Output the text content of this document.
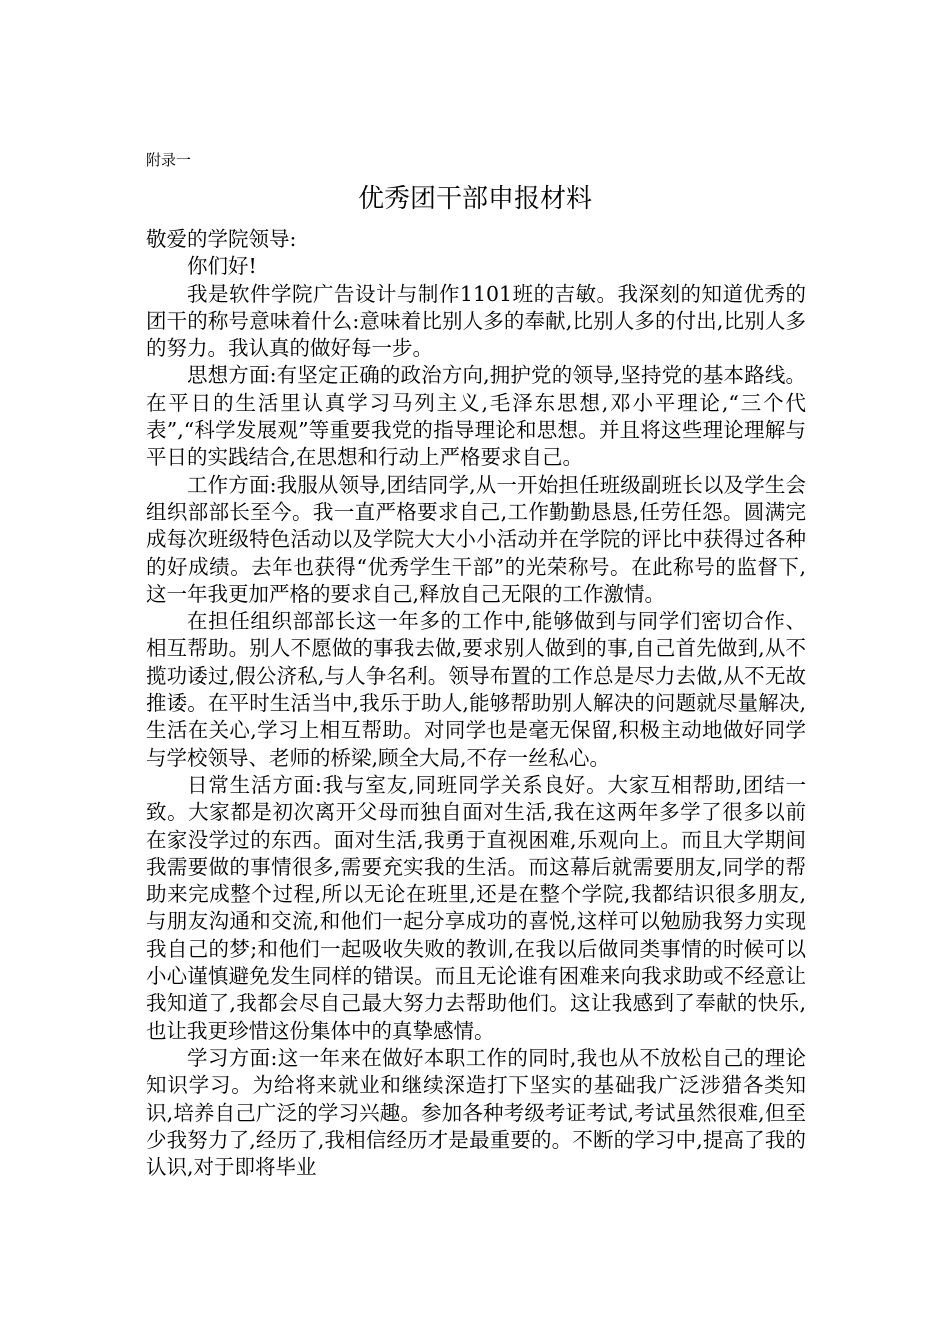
附录一
优秀团干部申报材料

敬爱的学院领导:

你们好!

我是软件学院广告设计与制作1101班的吉敏。我深刻的知道优秀的团干的称号意味着什么:意味着比别人多的奉献,比别人多的付出,比别人多的努力。我认真的做好每一步。

思想方面:有坚定正确的政治方向,拥护党的领导,坚持党的基本路线。在平日的生活里认真学习马列主义,毛泽东思想,邓小平理论,“三个代表”,“科学发展观”等重要我党的指导理论和思想。并且将这些理论理解与平日的实践结合,在思想和行动上严格要求自己。

工作方面:我服从领导,团结同学,从一开始担任班级副班长以及学生会组织部部长至今。我一直严格要求自己,工作勤勤恳恳,任劳任怨。圆满完成每次班级特色活动以及学院大大小小活动并在学院的评比中获得过各种的好成绩。去年也获得“优秀学生干部”的光荣称号。在此称号的监督下,这一年我更加严格的要求自己,释放自己无限的工作激情。

在担任组织部部长这一年多的工作中,能够做到与同学们密切合作、相互帮助。别人不愿做的事我去做,要求别人做到的事,自己首先做到,从不揽功诿过,假公济私,与人争名利。领导布置的工作总是尽力去做,从不无故推诿。在平时生活当中,我乐于助人,能够帮助别人解决的问题就尽量解决,生活在关心,学习上相互帮助。对同学也是毫无保留,积极主动地做好同学与学校领导、老师的桥梁,顾全大局,不存一丝私心。

日常生活方面:我与室友,同班同学关系良好。大家互相帮助,团结一致。大家都是初次离开父母而独自面对生活,我在这两年多学了很多以前在家没学过的东西。面对生活,我勇于直视困难,乐观向上。而且大学期间我需要做的事情很多,需要充实我的生活。而这幕后就需要朋友,同学的帮助来完成整个过程,所以无论在班里,还是在整个学院,我都结识很多朋友,与朋友沟通和交流,和他们一起分享成功的喜悦,这样可以勉励我努力实现我自己的梦;和他们一起吸收失败的教训,在我以后做同类事情的时候可以小心谨慎避免发生同样的错误。而且无论谁有困难来向我求助或不经意让我知道了,我都会尽自己最大努力去帮助他们。这让我感到了奉献的快乐,也让我更珍惜这份集体中的真挚感情。

学习方面:这一年来在做好本职工作的同时,我也从不放松自己的理论知识学习。为给将来就业和继续深造打下坚实的基础我广泛涉猎各类知识,培养自己广泛的学习兴趣。参加各种考级考证考试,考试虽然很难,但至少我努力了,经历了,我相信经历才是最重要的。不断的学习中,提高了我的认识,对于即将毕业
